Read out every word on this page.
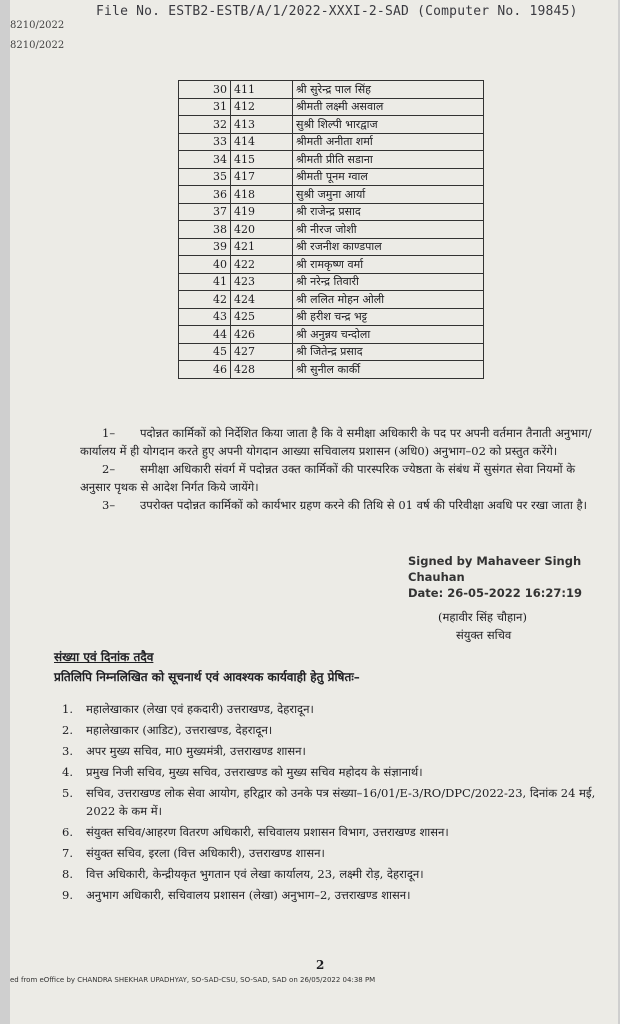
8210/2022
8210/2022
File No. ESTB2-ESTB/A/1/2022-XXXI-2-SAD (Computer No. 19845)
30	411	श्री सुरेन्द्र पाल सिंह
31	412	श्रीमती लक्ष्मी असवाल
32	413	सुश्री शिल्पी भारद्वाज
33	414	श्रीमती अनीता शर्मा
34	415	श्रीमती प्रीति सडाना
35	417	श्रीमती पूनम ग्वाल
36	418	सुश्री जमुना आर्या
37	419	श्री राजेन्द्र प्रसाद
38	420	श्री नीरज जोशी
39	421	श्री रजनीश काण्डपाल
40	422	श्री रामकृष्ण वर्मा
41	423	श्री नरेन्द्र तिवारी
42	424	श्री ललित मोहन ओली
43	425	श्री हरीश चन्द्र भट्ट
44	426	श्री अनुन्नय चन्दोला
45	427	श्री जितेन्द्र प्रसाद
46	428	श्री सुनील कार्की

1– पदोन्नत कार्मिकों को निर्देशित किया जाता है कि वे समीक्षा अधिकारी के पद पर अपनी वर्तमान तैनाती अनुभाग/कार्यालय में ही योगदान करते हुए अपनी योगदान आख्या सचिवालय प्रशासन (अधि0) अनुभाग–02 को प्रस्तुत करेंगे।

2– समीक्षा अधिकारी संवर्ग में पदोन्नत उक्त कार्मिकों की पारस्परिक ज्येष्ठता के संबंध में सुसंगत सेवा नियमों के अनुसार पृथक से आदेश निर्गत किये जायेंगे।

3– उपरोक्त पदोन्नत कार्मिकों को कार्यभार ग्रहण करने की तिथि से 01 वर्ष की परिवीक्षा अवधि पर रखा जाता है।

Signed by Mahaveer Singh
Chauhan
Date: 26-05-2022 16:27:19
(महावीर सिंह चौहान)
संयुक्त सचिव
संख्या एवं दिनांक तदैव
प्रतिलिपि निम्नलिखित को सूचनार्थ एवं आवश्यक कार्यवाही हेतु प्रेषितः–
1. महालेखाकार (लेखा एवं हकदारी) उत्तराखण्ड, देहरादून।
2. महालेखाकार (आडिट), उत्तराखण्ड, देहरादून।
3. अपर मुख्य सचिव, मा0 मुख्यमंत्री, उत्तराखण्ड शासन।
4. प्रमुख निजी सचिव, मुख्य सचिव, उत्तराखण्ड को मुख्य सचिव महोदय के संज्ञानार्थ।
5. सचिव, उत्तराखण्ड लोक सेवा आयोग, हरिद्वार को उनके पत्र संख्या–16/01/E-3/RO/DPC/2022-23, दिनांक 24 मई, 2022 के कम में।
6. संयुक्त सचिव/आहरण वितरण अधिकारी, सचिवालय प्रशासन विभाग, उत्तराखण्ड शासन।
7. संयुक्त सचिव, इरला (वित्त अधिकारी), उत्तराखण्ड शासन।
8. वित्त अधिकारी, केन्द्रीयकृत भुगतान एवं लेखा कार्यालय, 23, लक्ष्मी रोड़, देहरादून।
9. अनुभाग अधिकारी, सचिवालय प्रशासन (लेखा) अनुभाग–2, उत्तराखण्ड शासन।
2
ed from eOffice by CHANDRA SHEKHAR UPADHYAY, SO-SAD-CSU, SO-SAD, SAD on 26/05/2022 04:38 PM
